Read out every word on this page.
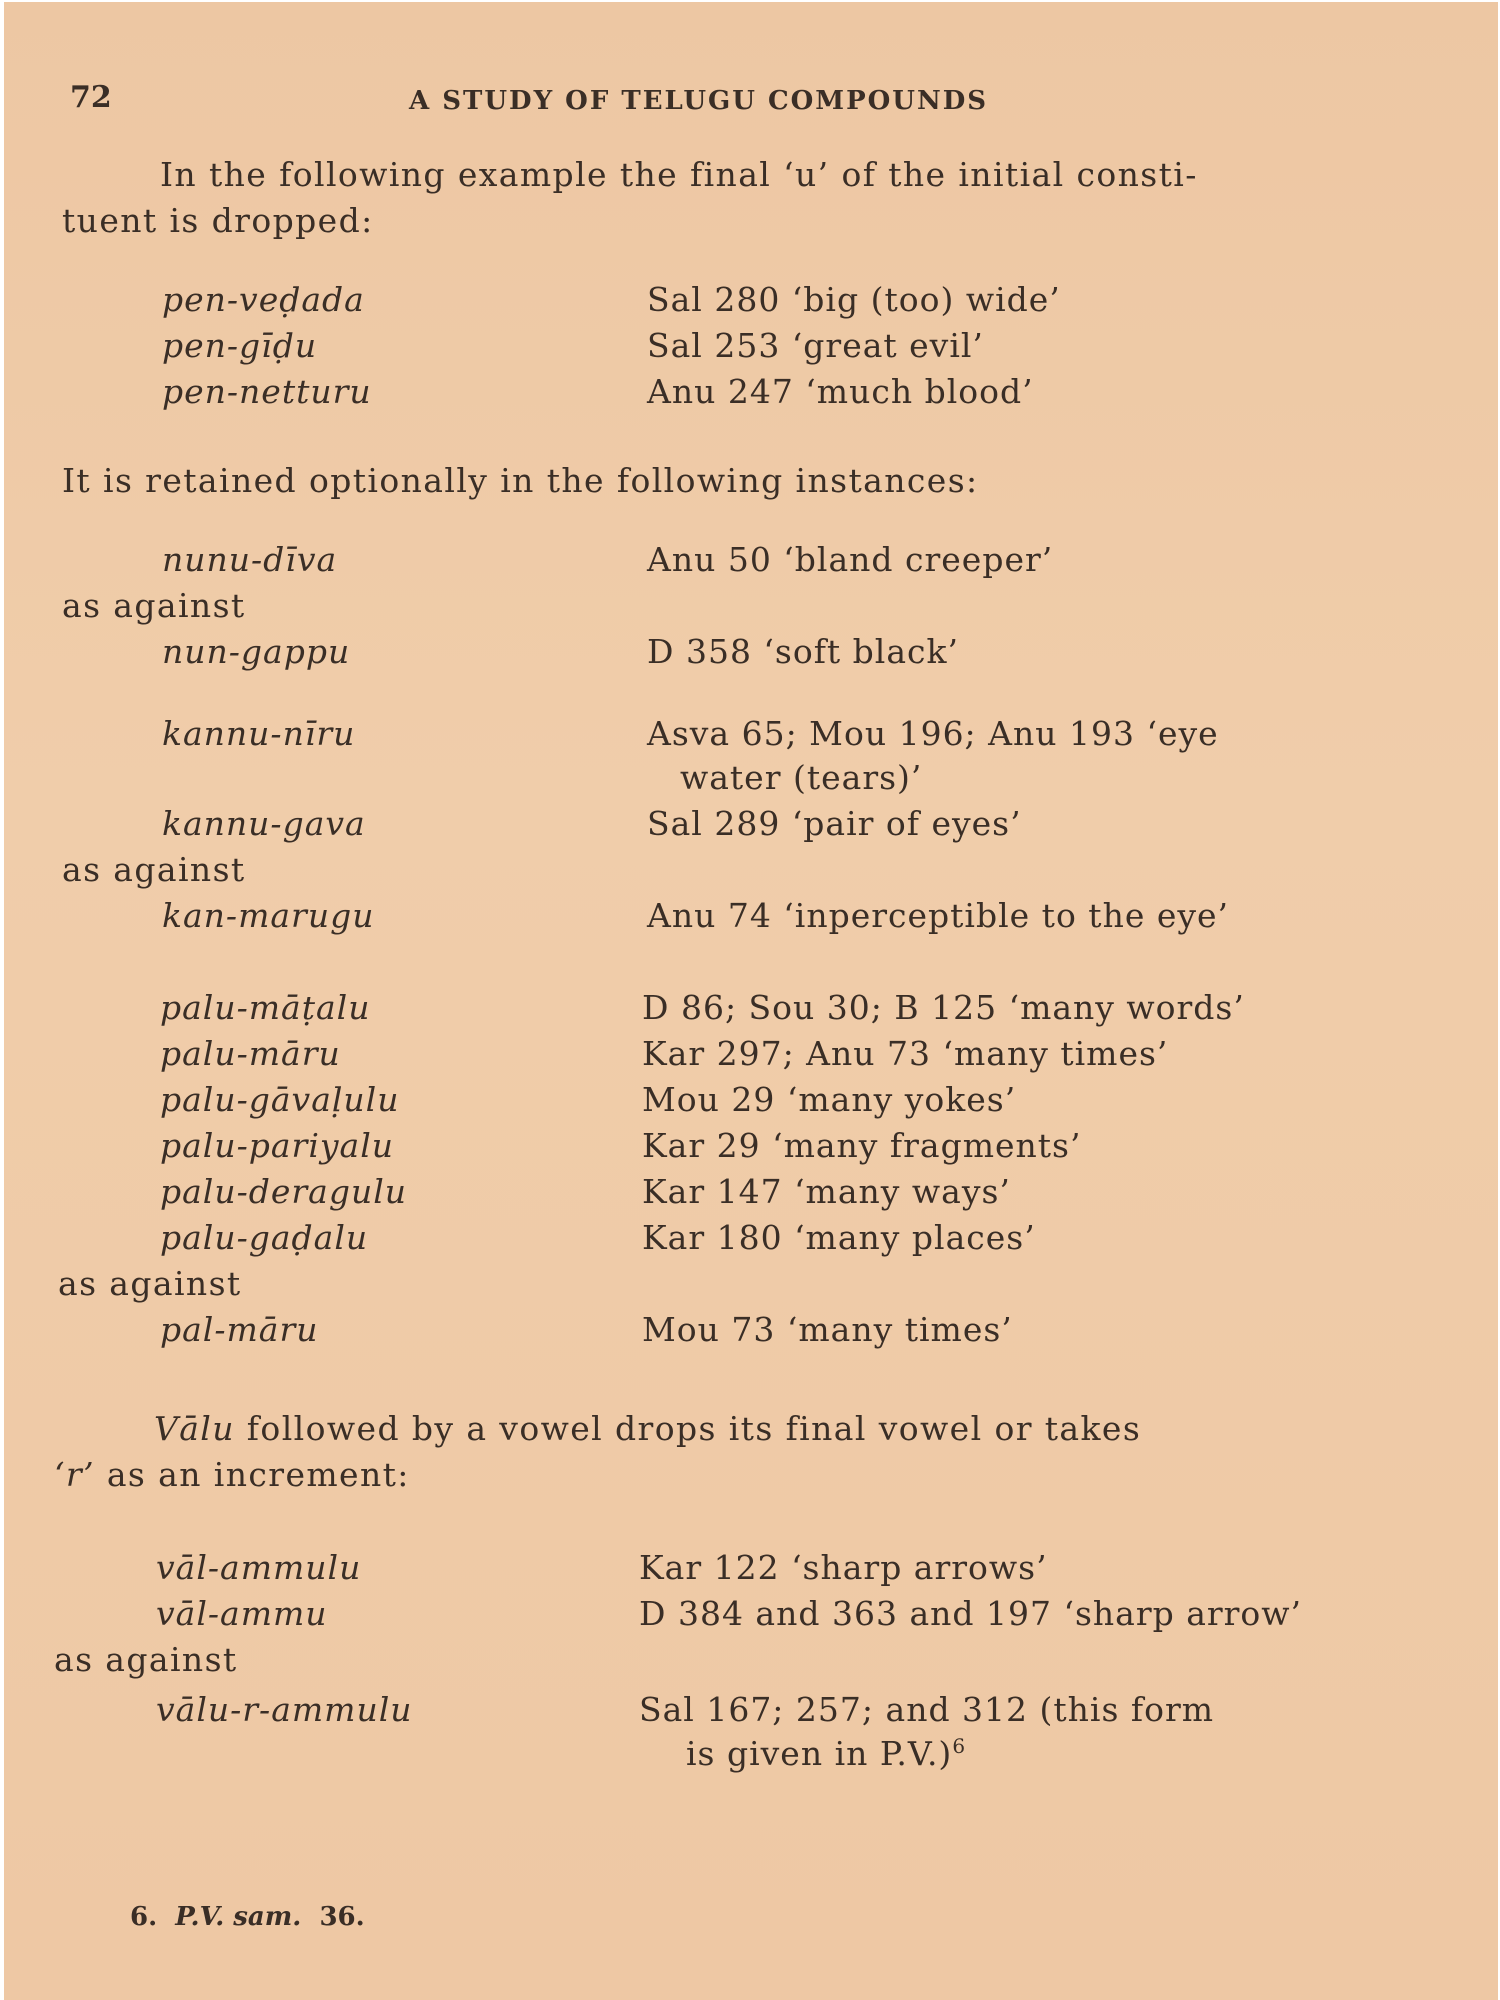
72	A STUDY OF TELUGU COMPOUNDS
In the following example the final ‘u’ of the initial consti-
tuent is dropped:
pen-veḍada	Sal 280 ‘big (too) wide’
pen-gīḍu	Sal 253 ‘great evil’
pen-netturu	Anu 247 ‘much blood’
It is retained optionally in the following instances:
nunu-dīva	Anu 50 ‘bland creeper’
as against
nun-gappu	D 358 ‘soft black’
kannu-nīru	Asva 65; Mou 196; Anu 193 ‘eye
water (tears)’
kannu-gava	Sal 289 ‘pair of eyes’
as against
kan-marugu	Anu 74 ‘inperceptible to the eye’
palu-māṭalu	D 86; Sou 30; B 125 ‘many words’
palu-māru	Kar 297; Anu 73 ‘many times’
palu-gāvaḷulu	Mou 29 ‘many yokes’
palu-pariyalu	Kar 29 ‘many fragments’
palu-deragulu	Kar 147 ‘many ways’
palu-gaḍalu	Kar 180 ‘many places’
as against
pal-māru	Mou 73 ‘many times’
Vālu followed by a vowel drops its final vowel or takes
‘r’ as an increment:
vāl-ammulu	Kar 122 ‘sharp arrows’
vāl-ammu	D 384 and 363 and 197 ‘sharp arrow’
as against
vālu-r-ammulu	Sal 167; 257; and 312 (this form
is given in P.V.)$^6$
6. P.V. sam. 36.
